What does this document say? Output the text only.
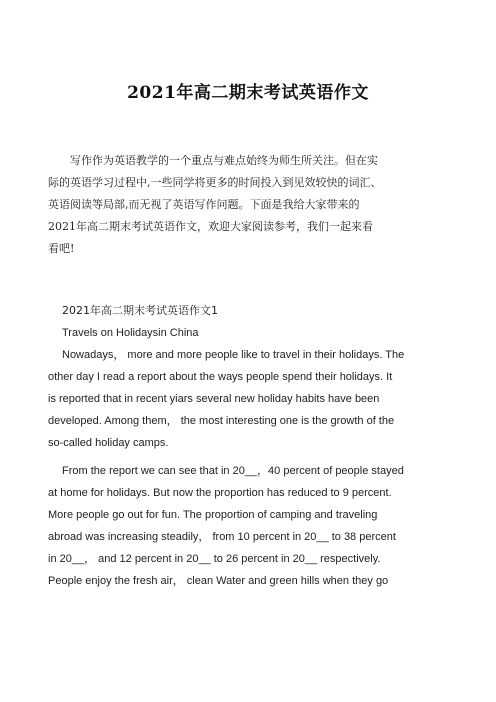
2021年高二期末考试英语作文
写作作为英语教学的一个重点与难点始终为师生所关注。但在实
际的英语学习过程中,一些同学将更多的时间投入到见效较快的词汇、
英语阅读等局部,而无视了英语写作问题。下面是我给大家带来的
2021年高二期末考试英语作文，欢迎大家阅读参考，我们一起来看
看吧!
2021年高二期末考试英语作文1
Travels on Holidaysin China
Nowadays， more and more people like to travel in their holidays. The
other day I read a report about the ways people spend their holidays. It
is reported that in recent yiars several new holiday habits have been
developed. Among them， the most interesting one is the growth of the
so-called holiday camps.
From the report we can see that in 20__，40 percent of people stayed
at home for holidays. But now the proportion has reduced to 9 percent.
More people go out for fun. The proportion of camping and traveling
abroad was increasing steadily， from 10 percent in 20__ to 38 percent
in 20__， and 12 percent in 20__ to 26 percent in 20__ respectively.
People enjoy the fresh air， clean Water and green hills when they go
